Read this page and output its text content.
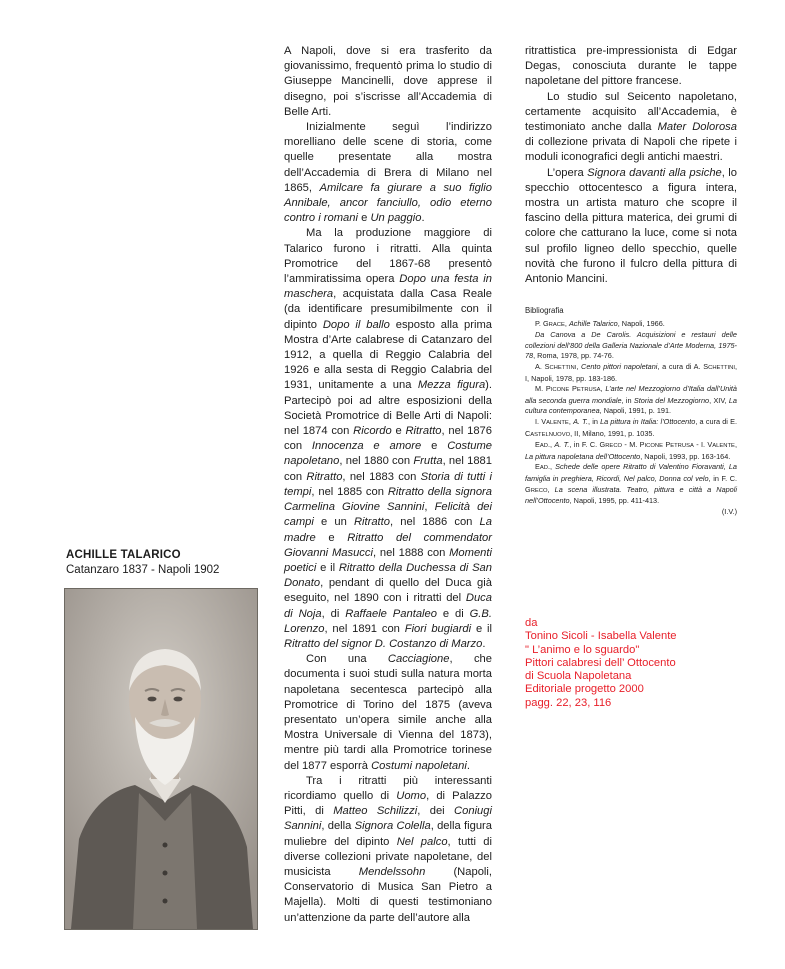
ACHILLE TALARICO
Catanzaro 1837 - Napoli 1902

A Napoli, dove si era trasferito da giovanissimo, frequentò prima lo studio di Giuseppe Mancinelli, dove apprese il disegno, poi s’iscrisse all’Accademia di Belle Arti.

Inizialmente seguì l’indirizzo morelliano delle scene di storia, come quelle presentate alla mostra dell’Accademia di Brera di Milano nel 1865, Amilcare fa giurare a suo figlio Annibale, ancor fanciullo, odio eterno contro i romani e Un paggio.

Ma la produzione maggiore di Talarico furono i ritratti. Alla quinta Promotrice del 1867-68 presentò l’ammiratissima opera Dopo una festa in maschera, acquistata dalla Casa Reale (da identificare presumibilmente con il dipinto Dopo il ballo esposto alla prima Mostra d’Arte calabrese di Catanzaro del 1912, a quella di Reggio Calabria del 1926 e alla sesta di Reggio Calabria del 1931, unitamente a una Mezza figura). Partecipò poi ad altre esposizioni della Società Promotrice di Belle Arti di Napoli: nel 1874 con Ricordo e Ritratto, nel 1876 con Innocenza e amore e Costume napoletano, nel 1880 con Frutta, nel 1881 con Ritratto, nel 1883 con Storia di tutti i tempi, nel 1885 con Ritratto della signora Carmelina Giovine Sannini, Felicità dei campi e un Ritratto, nel 1886 con La madre e Ritratto del commendator Giovanni Masucci, nel 1888 con Momenti poetici e il Ritratto della Duchessa di San Donato, pendant di quello del Duca già eseguito, nel 1890 con i ritratti del Duca di Noja, di Raffaele Pantaleo e di G.B. Lorenzo, nel 1891 con Fiori bugiardi e il Ritratto del signor D. Costanzo di Marzo.

Con una Cacciagione, che documenta i suoi studi sulla natura morta napoletana secentesca partecipò alla Promotrice di Torino del 1875 (aveva presentato un’opera simile anche alla Mostra Universale di Vienna del 1873), mentre più tardi alla Promotrice torinese del 1877 esporrà Costumi napoletani.

Tra i ritratti più interessanti ricordiamo quello di Uomo, di Palazzo Pitti, di Matteo Schilizzi, dei Coniugi Sannini, della Signora Colella, della figura muliebre del dipinto Nel palco, tutti di diverse collezioni private napoletane, del musicista Mendelssohn (Napoli, Conservatorio di Musica San Pietro a Majella). Molti di questi testimoniano un’attenzione da parte dell’autore alla

ritrattistica pre-impressionista di Edgar Degas, conosciuta durante le tappe napoletane del pittore francese.

Lo studio sul Seicento napoletano, certamente acquisito all’Accademia, è testimoniato anche dalla Mater Dolorosa di collezione privata di Napoli che ripete i moduli iconografici degli antichi maestri.

L’opera Signora davanti alla psiche, lo specchio ottocentesco a figura intera, mostra un artista maturo che scopre il fascino della pittura materica, dei grumi di colore che catturano la luce, come si nota sul profilo ligneo dello specchio, quelle novità che furono il fulcro della pittura di Antonio Mancini.

Bibliografia

P. GRACE, Achille Talarico, Napoli, 1966.

Da Canova a De Carolis. Acquisizioni e restauri delle collezioni dell’800 della Galleria Nazionale d’Arte Moderna, 1975-78, Roma, 1978, pp. 74-76.

A. SCHETTINI, Cento pittori napoletani, a cura di A. SCHETTINI, I, Napoli, 1978, pp. 183-186.

M. PICONE PETRUSA, L’arte nel Mezzogiorno d’Italia dall’Unità alla seconda guerra mondiale, in Storia del Mezzogiorno, XIV, La cultura contemporanea, Napoli, 1991, p. 191.

I. VALENTE, A. T., in La pittura in Italia: l’Ottocento, a cura di E. CASTELNUOVO, II, Milano, 1991, p. 1035.

EAD., A. T., in F. C. GRECO - M. PICONE PETRUSA - I. VALENTE, La pittura napoletana dell’Ottocento, Napoli, 1993, pp. 163-164.

EAD., Schede delle opere Ritratto di Valentino Fioravanti, La famiglia in preghiera, Ricordi, Nel palco, Donna col velo, in F. C. GRECO, La scena illustrata. Teatro, pittura e città a Napoli nell’Ottocento, Napoli, 1995, pp. 411-413.

(I.V.)

da
Tonino Sicoli - Isabella Valente
" L’animo e lo sguardo"
Pittori calabresi dell’ Ottocento
di Scuola Napoletana
Editoriale progetto 2000
pagg. 22, 23, 116
